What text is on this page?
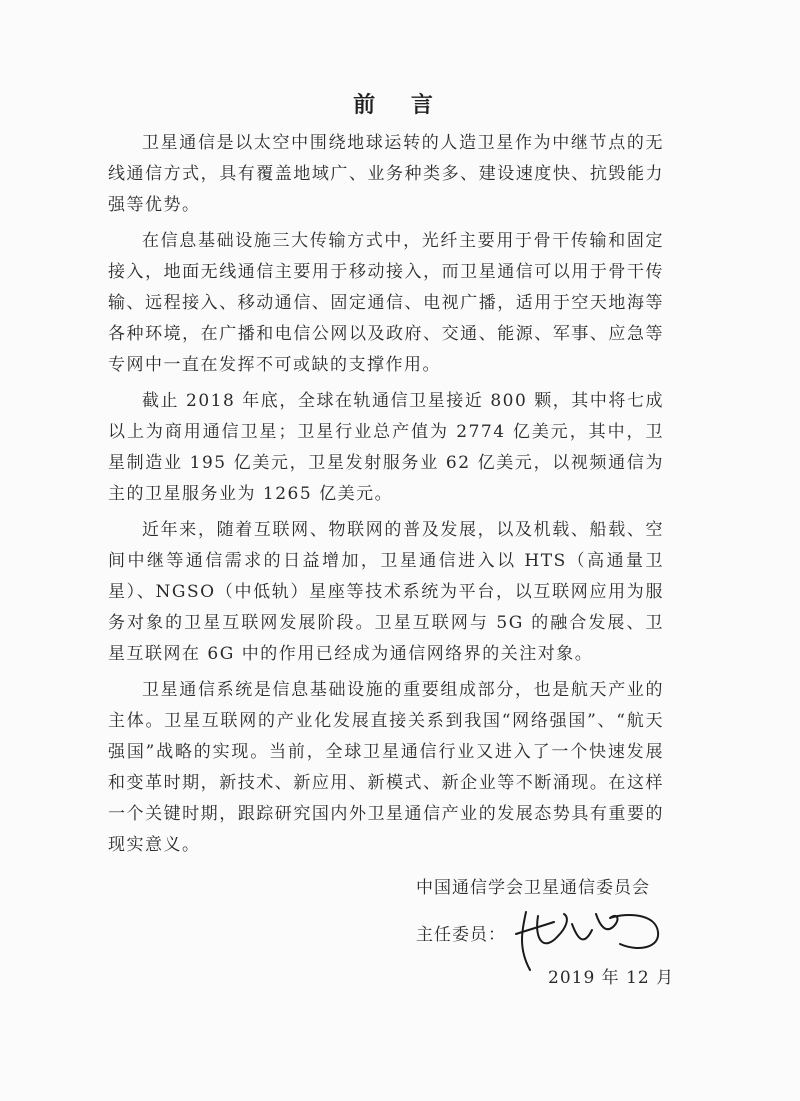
前 言

卫星通信是以太空中围绕地球运转的人造卫星作为中继节点的无线通信方式，具有覆盖地域广、业务种类多、建设速度快、抗毁能力强等优势。

在信息基础设施三大传输方式中，光纤主要用于骨干传输和固定接入，地面无线通信主要用于移动接入，而卫星通信可以用于骨干传输、远程接入、移动通信、固定通信、电视广播，适用于空天地海等各种环境，在广播和电信公网以及政府、交通、能源、军事、应急等专网中一直在发挥不可或缺的支撑作用。

截止 2018 年底，全球在轨通信卫星接近 800 颗，其中将七成以上为商用通信卫星；卫星行业总产值为 2774 亿美元，其中，卫星制造业 195 亿美元，卫星发射服务业 62 亿美元，以视频通信为主的卫星服务业为 1265 亿美元。

近年来，随着互联网、物联网的普及发展，以及机载、船载、空间中继等通信需求的日益增加，卫星通信进入以 HTS（高通量卫星）、NGSO（中低轨）星座等技术系统为平台，以互联网应用为服务对象的卫星互联网发展阶段。卫星互联网与 5G 的融合发展、卫星互联网在 6G 中的作用已经成为通信网络界的关注对象。

卫星通信系统是信息基础设施的重要组成部分，也是航天产业的主体。卫星互联网的产业化发展直接关系到我国“网络强国”、“航天强国”战略的实现。当前，全球卫星通信行业又进入了一个快速发展和变革时期，新技术、新应用、新模式、新企业等不断涌现。在这样一个关键时期，跟踪研究国内外卫星通信产业的发展态势具有重要的现实意义。

中国通信学会卫星通信委员会
主任委员：
2019 年 12 月
